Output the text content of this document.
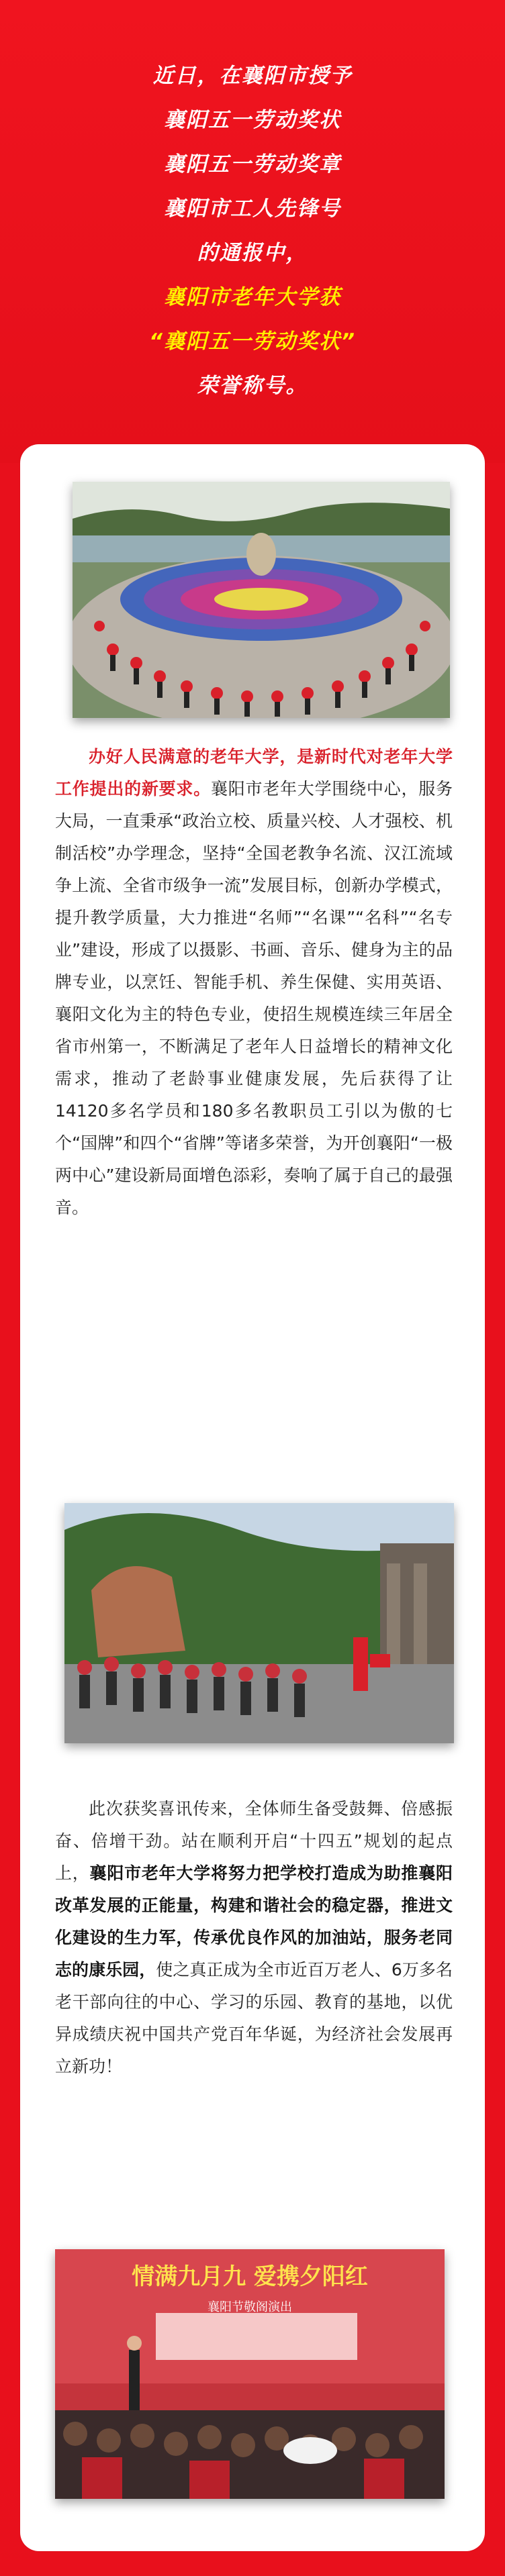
近日，在襄阳市授予
襄阳五一劳动奖状
襄阳五一劳动奖章
襄阳市工人先锋号
的通报中，
襄阳市老年大学获
“襄阳五一劳动奖状”
荣誉称号。

办好人民满意的老年大学，是新时代对老年大学工作提出的新要求。襄阳市老年大学围绕中心，服务大局，一直秉承“政治立校、质量兴校、人才强校、机制活校”办学理念，坚持“全国老教争名流、汉江流域争上流、全省市级争一流”发展目标，创新办学模式，提升教学质量，大力推进“名师”“名课”“名科”“名专业”建设，形成了以摄影、书画、音乐、健身为主的品牌专业，以烹饪、智能手机、养生保健、实用英语、襄阳文化为主的特色专业，使招生规模连续三年居全省市州第一，不断满足了老年人日益增长的精神文化需求，推动了老龄事业健康发展，先后获得了让14120多名学员和180多名教职员工引以为傲的七个“国牌”和四个“省牌”等诸多荣誉，为开创襄阳“一极两中心”建设新局面增色添彩，奏响了属于自己的最强音。

此次获奖喜讯传来，全体师生备受鼓舞、倍感振奋、倍增干劲。站在顺利开启“十四五”规划的起点上，襄阳市老年大学将努力把学校打造成为助推襄阳改革发展的正能量，构建和谐社会的稳定器，推进文化建设的生力军，传承优良作风的加油站，服务老同志的康乐园，使之真正成为全市近百万老人、6万多名老干部向往的中心、学习的乐园、教育的基地，以优异成绩庆祝中国共产党百年华诞，为经济社会发展再立新功！

情满九月九 爱携夕阳红
襄阳节敬阁演出
